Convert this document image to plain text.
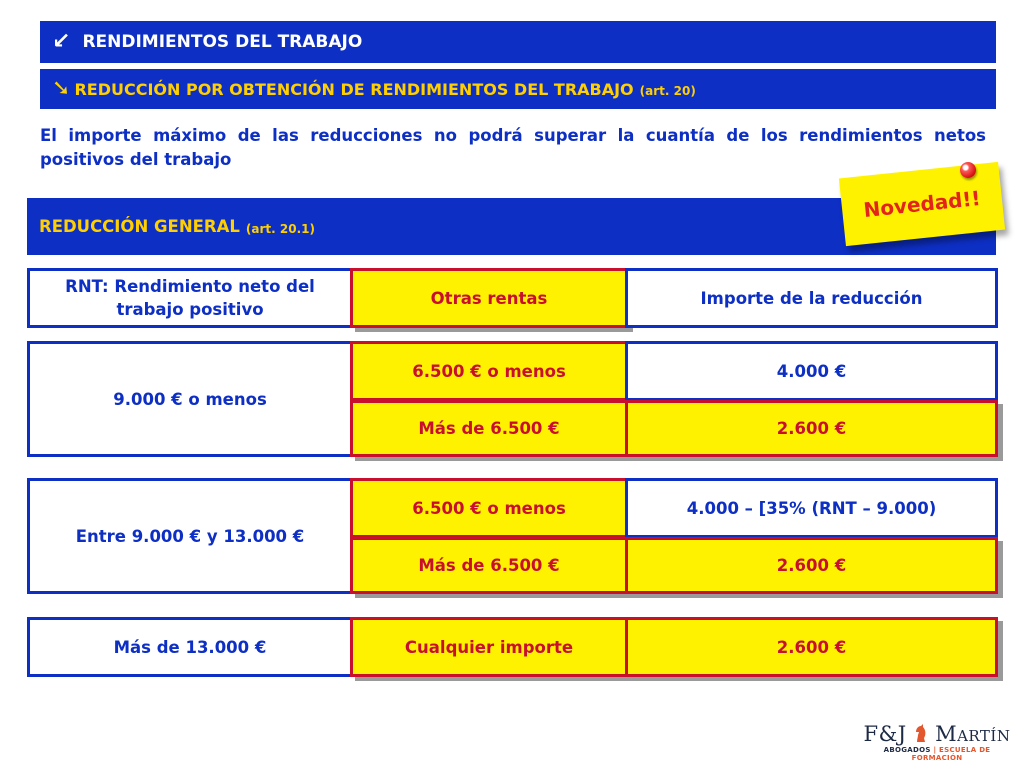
↙ RENDIMIENTOS DEL TRABAJO
➘ REDUCCIÓN POR OBTENCIÓN DE RENDIMIENTOS DEL TRABAJO (art. 20)
El importe máximo de las reducciones no podrá superar la cuantía de los rendimientos netos positivos del trabajo
REDUCCIÓN GENERAL (art. 20.1)
Novedad!!
RNT: Rendimiento neto del trabajo positivo
Otras rentas	Importe de la reducción
9.000 € o menos
6.500 € o menos	4.000 €
Más de 6.500 €	2.600 €
Entre 9.000 € y 13.000 €
6.500 € o menos	4.000 – [35% (RNT – 9.000)
Más de 6.500 €	2.600 €
Más de 13.000 €	Cualquier importe	2.600 €
F&J Martín
ABOGADOS | ESCUELA DE FORMACIÓN
